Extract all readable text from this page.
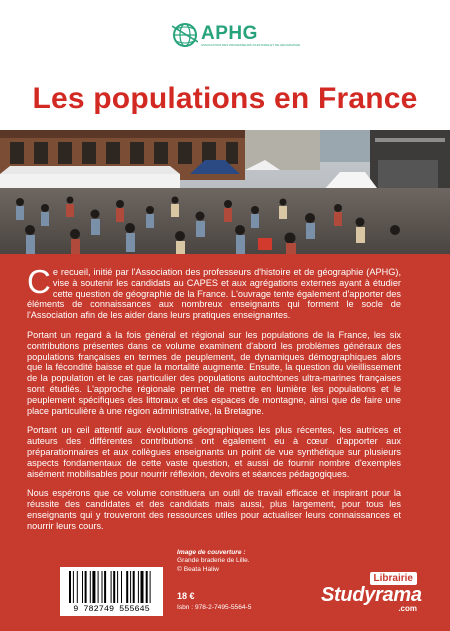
APHG
ASSOCIATION DES PROFESSEURS D'HISTOIRE ET DE GÉOGRAPHIE
Les populations en France

Ce recueil, initié par l'Association des professeurs d'histoire et de géographie (APHG), vise à soutenir les candidats au CAPES et aux agrégations externes ayant à étudier cette question de géographie de la France. L'ouvrage tente également d'apporter des éléments de connaissances aux nombreux enseignants qui forment le socle de l'Association afin de les aider dans leurs pratiques enseignantes.

Portant un regard à la fois général et régional sur les populations de la France, les six contributions présentes dans ce volume examinent d'abord les problèmes généraux des populations françaises en termes de peuplement, de dynamiques démographiques alors que la fécondité baisse et que la mortalité augmente. Ensuite, la question du vieillissement de la population et le cas particulier des populations autochtones ultra-marines françaises sont étudiés. L'approche régionale permet de mettre en lumière les populations et le peuplement spécifiques des littoraux et des espaces de montagne, ainsi que de faire une place particulière à une région administrative, la Bretagne.

Portant un œil attentif aux évolutions géographiques les plus récentes, les autrices et auteurs des différentes contributions ont également eu à cœur d'apporter aux préparationnaires et aux collègues enseignants un point de vue synthétique sur plusieurs aspects fondamentaux de cette vaste question, et aussi de fournir nombre d'exemples aisément mobilisables pour nourrir réflexion, devoirs et séances pédagogiques.

Nous espérons que ce volume constituera un outil de travail efficace et inspirant pour la réussite des candidates et des candidats mais aussi, plus largement, pour tous les enseignants qui y trouveront des ressources utiles pour actualiser leurs connaissances et nourrir leurs cours.

Image de couverture :
Grande braderie de Lille.
© Beata Haliw
9 782749 555645
18 €
Isbn : 978-2-7495-5564-5
Librairie
Studyrama
.com
